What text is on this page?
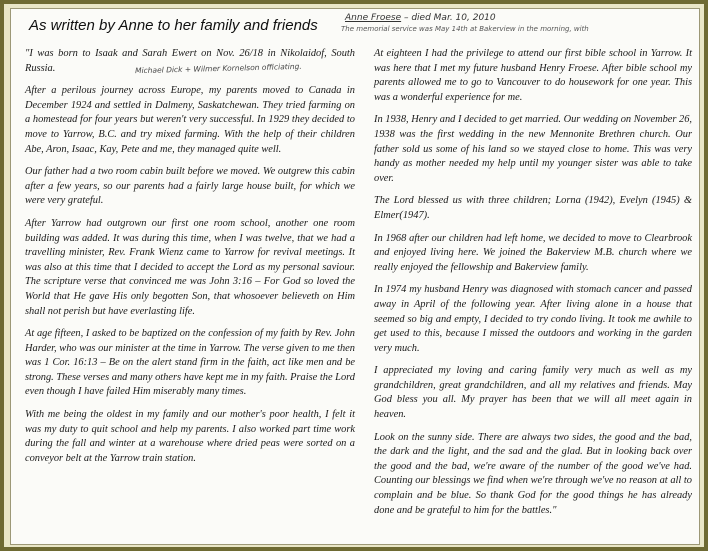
As written by Anne to her family and friends	Anne Froese – died Mar. 10, 2010
The memorial service was May 14th at Bakerview in the morning, with
Michael Dick + Wilmer Kornelson officiating.

"I was born to Isaak and Sarah Ewert on Nov. 26/18 in Nikolaidof, South Russia.

After a perilous journey across Europe, my parents moved to Canada in December 1924 and settled in Dalmeny, Saskatchewan. They tried farming on a homestead for four years but weren't very successful. In 1929 they decided to move to Yarrow, B.C. and try mixed farming. With the help of their children Abe, Aron, Isaac, Kay, Pete and me, they managed quite well.

Our father had a two room cabin built before we moved. We outgrew this cabin after a few years, so our parents had a fairly large house built, for which we were very grateful.

After Yarrow had outgrown our first one room school, another one room building was added. It was during this time, when I was twelve, that we had a travelling minister, Rev. Frank Wienz came to Yarrow for revival meetings. It was also at this time that I decided to accept the Lord as my personal saviour. The scripture verse that convinced me was John 3:16 – For God so loved the World that He gave His only begotten Son, that whosoever believeth on Him shall not perish but have everlasting life.

At age fifteen, I asked to be baptized on the confession of my faith by Rev. John Harder, who was our minister at the time in Yarrow. The verse given to me then was 1 Cor. 16:13 – Be on the alert stand firm in the faith, act like men and be strong. These verses and many others have kept me in my faith. Praise the Lord even though I have failed Him miserably many times.

With me being the oldest in my family and our mother's poor health, I felt it was my duty to quit school and help my parents. I also worked part time work during the fall and winter at a warehouse where dried peas were sorted on a conveyor belt at the Yarrow train station.

At eighteen I had the privilege to attend our first bible school in Yarrow. It was here that I met my future husband Henry Froese. After bible school my parents allowed me to go to Vancouver to do housework for one year. This was a wonderful experience for me.

In 1938, Henry and I decided to get married. Our wedding on November 26, 1938 was the first wedding in the new Mennonite Brethren church. Our father sold us some of his land so we stayed close to home. This was very handy as mother needed my help until my younger sister was able to take over.

The Lord blessed us with three children; Lorna (1942), Evelyn (1945) & Elmer(1947).

In 1968 after our children had left home, we decided to move to Clearbrook and enjoyed living here. We joined the Bakerview M.B. church where we really enjoyed the fellowship and Bakerview family.

In 1974 my husband Henry was diagnosed with stomach cancer and passed away in April of the following year. After living alone in a house that seemed so big and empty, I decided to try condo living. It took me awhile to get used to this, because I missed the outdoors and working in the garden very much.

I appreciated my loving and caring family very much as well as my grandchildren, great grandchildren, and all my relatives and friends. May God bless you all. My prayer has been that we will all meet again in heaven.

Look on the sunny side. There are always two sides, the good and the bad, the dark and the light, and the sad and the glad. But in looking back over the good and the bad, we're aware of the number of the good we've had. Counting our blessings we find when we're through we've no reason at all to complain and be blue. So thank God for the good things he has already done and be grateful to him for the battles."
